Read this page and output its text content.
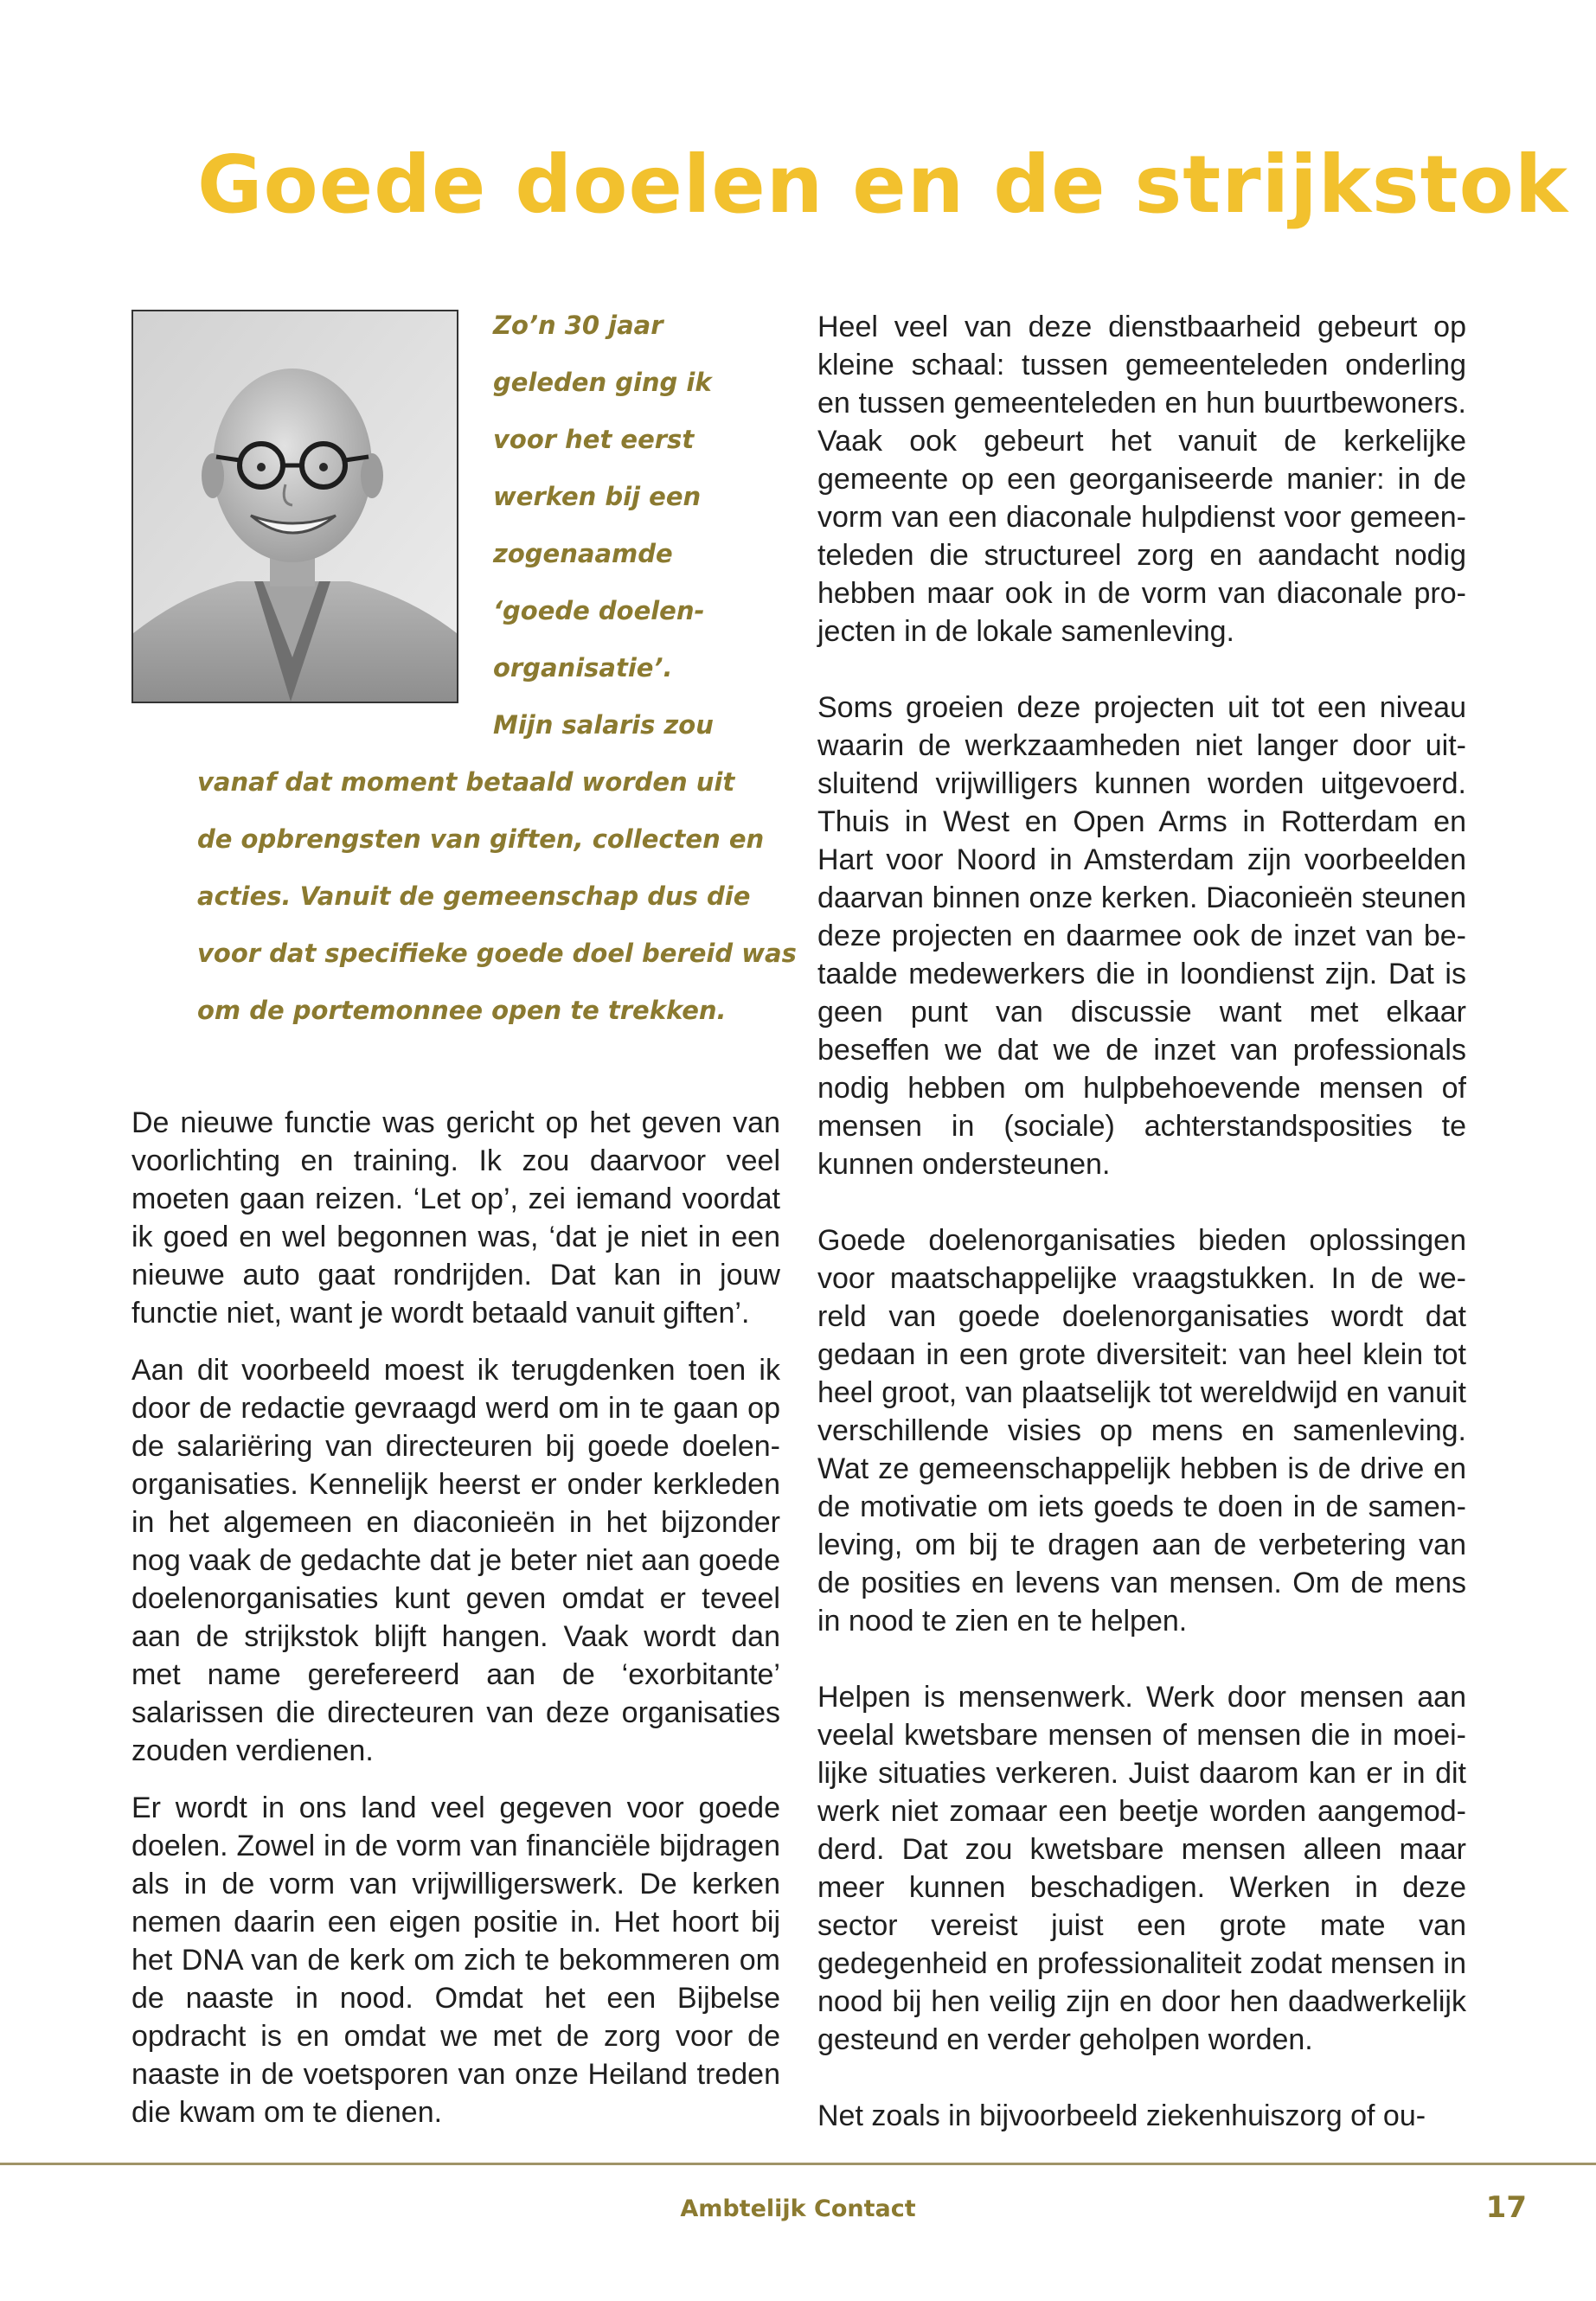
Goede doelen en de strijkstok

Zo’n 30 jaar

geleden ging ik

voor het eerst

werken bij een

zogenaamde

‘goede doelen-

organisatie’.

Mijn salaris zou

vanaf dat moment betaald worden uit

de opbrengsten van giften, collecten en

acties. Vanuit de gemeenschap dus die

voor dat specifieke goede doel bereid was

om de portemonnee open te trekken.

De nieuwe functie was gericht op het geven van voorlichting en training. Ik zou daarvoor veel moeten gaan reizen. ‘Let op’, zei iemand voordat ik goed en wel begonnen was, ‘dat je niet in een nieuwe auto gaat rondrijden. Dat kan in jouw functie niet, want je wordt betaald vanuit giften’.

Aan dit voorbeeld moest ik terugdenken toen ik door de redactie gevraagd werd om in te gaan op de salariëring van directeuren bij goede doelenorganisaties. Kennelijk heerst er onder kerkleden in het algemeen en diaconieën in het bijzonder nog vaak de gedachte dat je beter niet aan goede doelenorganisaties kunt geven omdat er teveel aan de strijkstok blijft hangen. Vaak wordt dan met name gerefereerd aan de ‘exorbitante’ salarissen die directeuren van deze organisaties zouden verdienen.

Er wordt in ons land veel gegeven voor goede doelen. Zowel in de vorm van financiële bijdragen als in de vorm van vrijwilligerswerk. De kerken nemen daarin een eigen positie in. Het hoort bij het DNA van de kerk om zich te bekommeren om de naaste in nood. Omdat het een Bijbelse opdracht is en omdat we met de zorg voor de naaste in de voetsporen van onze Heiland treden die kwam om te dienen.

Heel veel van deze dienstbaarheid gebeurt op kleine schaal: tussen gemeenteleden onderling en tussen gemeenteleden en hun buurtbewoners. Vaak ook gebeurt het vanuit de kerkelijke gemeente op een georganiseerde manier: in de vorm van een diaconale hulpdienst voor gemeenteleden die structureel zorg en aandacht nodig hebben maar ook in de vorm van diaconale projecten in de lokale samenleving.

Soms groeien deze projecten uit tot een niveau waarin de werkzaamheden niet langer door uitsluitend vrijwilligers kunnen worden uitgevoerd. Thuis in West en Open Arms in Rotterdam en Hart voor Noord in Amsterdam zijn voorbeelden daarvan binnen onze kerken. Diaconieën steunen deze projecten en daarmee ook de inzet van betaalde medewerkers die in loondienst zijn. Dat is geen punt van discussie want met elkaar beseffen we dat we de inzet van professionals nodig hebben om hulpbehoevende mensen of mensen in (sociale) achterstandsposities te kunnen ondersteunen.

Goede doelenorganisaties bieden oplossingen voor maatschappelijke vraagstukken. In de wereld van goede doelenorganisaties wordt dat gedaan in een grote diversiteit: van heel klein tot heel groot, van plaatselijk tot wereldwijd en vanuit verschillende visies op mens en samenleving. Wat ze gemeenschappelijk hebben is de drive en de motivatie om iets goeds te doen in de samenleving, om bij te dragen aan de verbetering van de posities en levens van mensen. Om de mens in nood te zien en te helpen.

Helpen is mensenwerk. Werk door mensen aan veelal kwetsbare mensen of mensen die in moeilijke situaties verkeren. Juist daarom kan er in dit werk niet zomaar een beetje worden aangemodderd. Dat zou kwetsbare mensen alleen maar meer kunnen beschadigen. Werken in deze sector vereist juist een grote mate van gedegenheid en professionaliteit zodat mensen in nood bij hen veilig zijn en door hen daadwerkelijk gesteund en verder geholpen worden.

Net zoals in bijvoorbeeld ziekenhuiszorg of ou-

Ambtelijk Contact	17
